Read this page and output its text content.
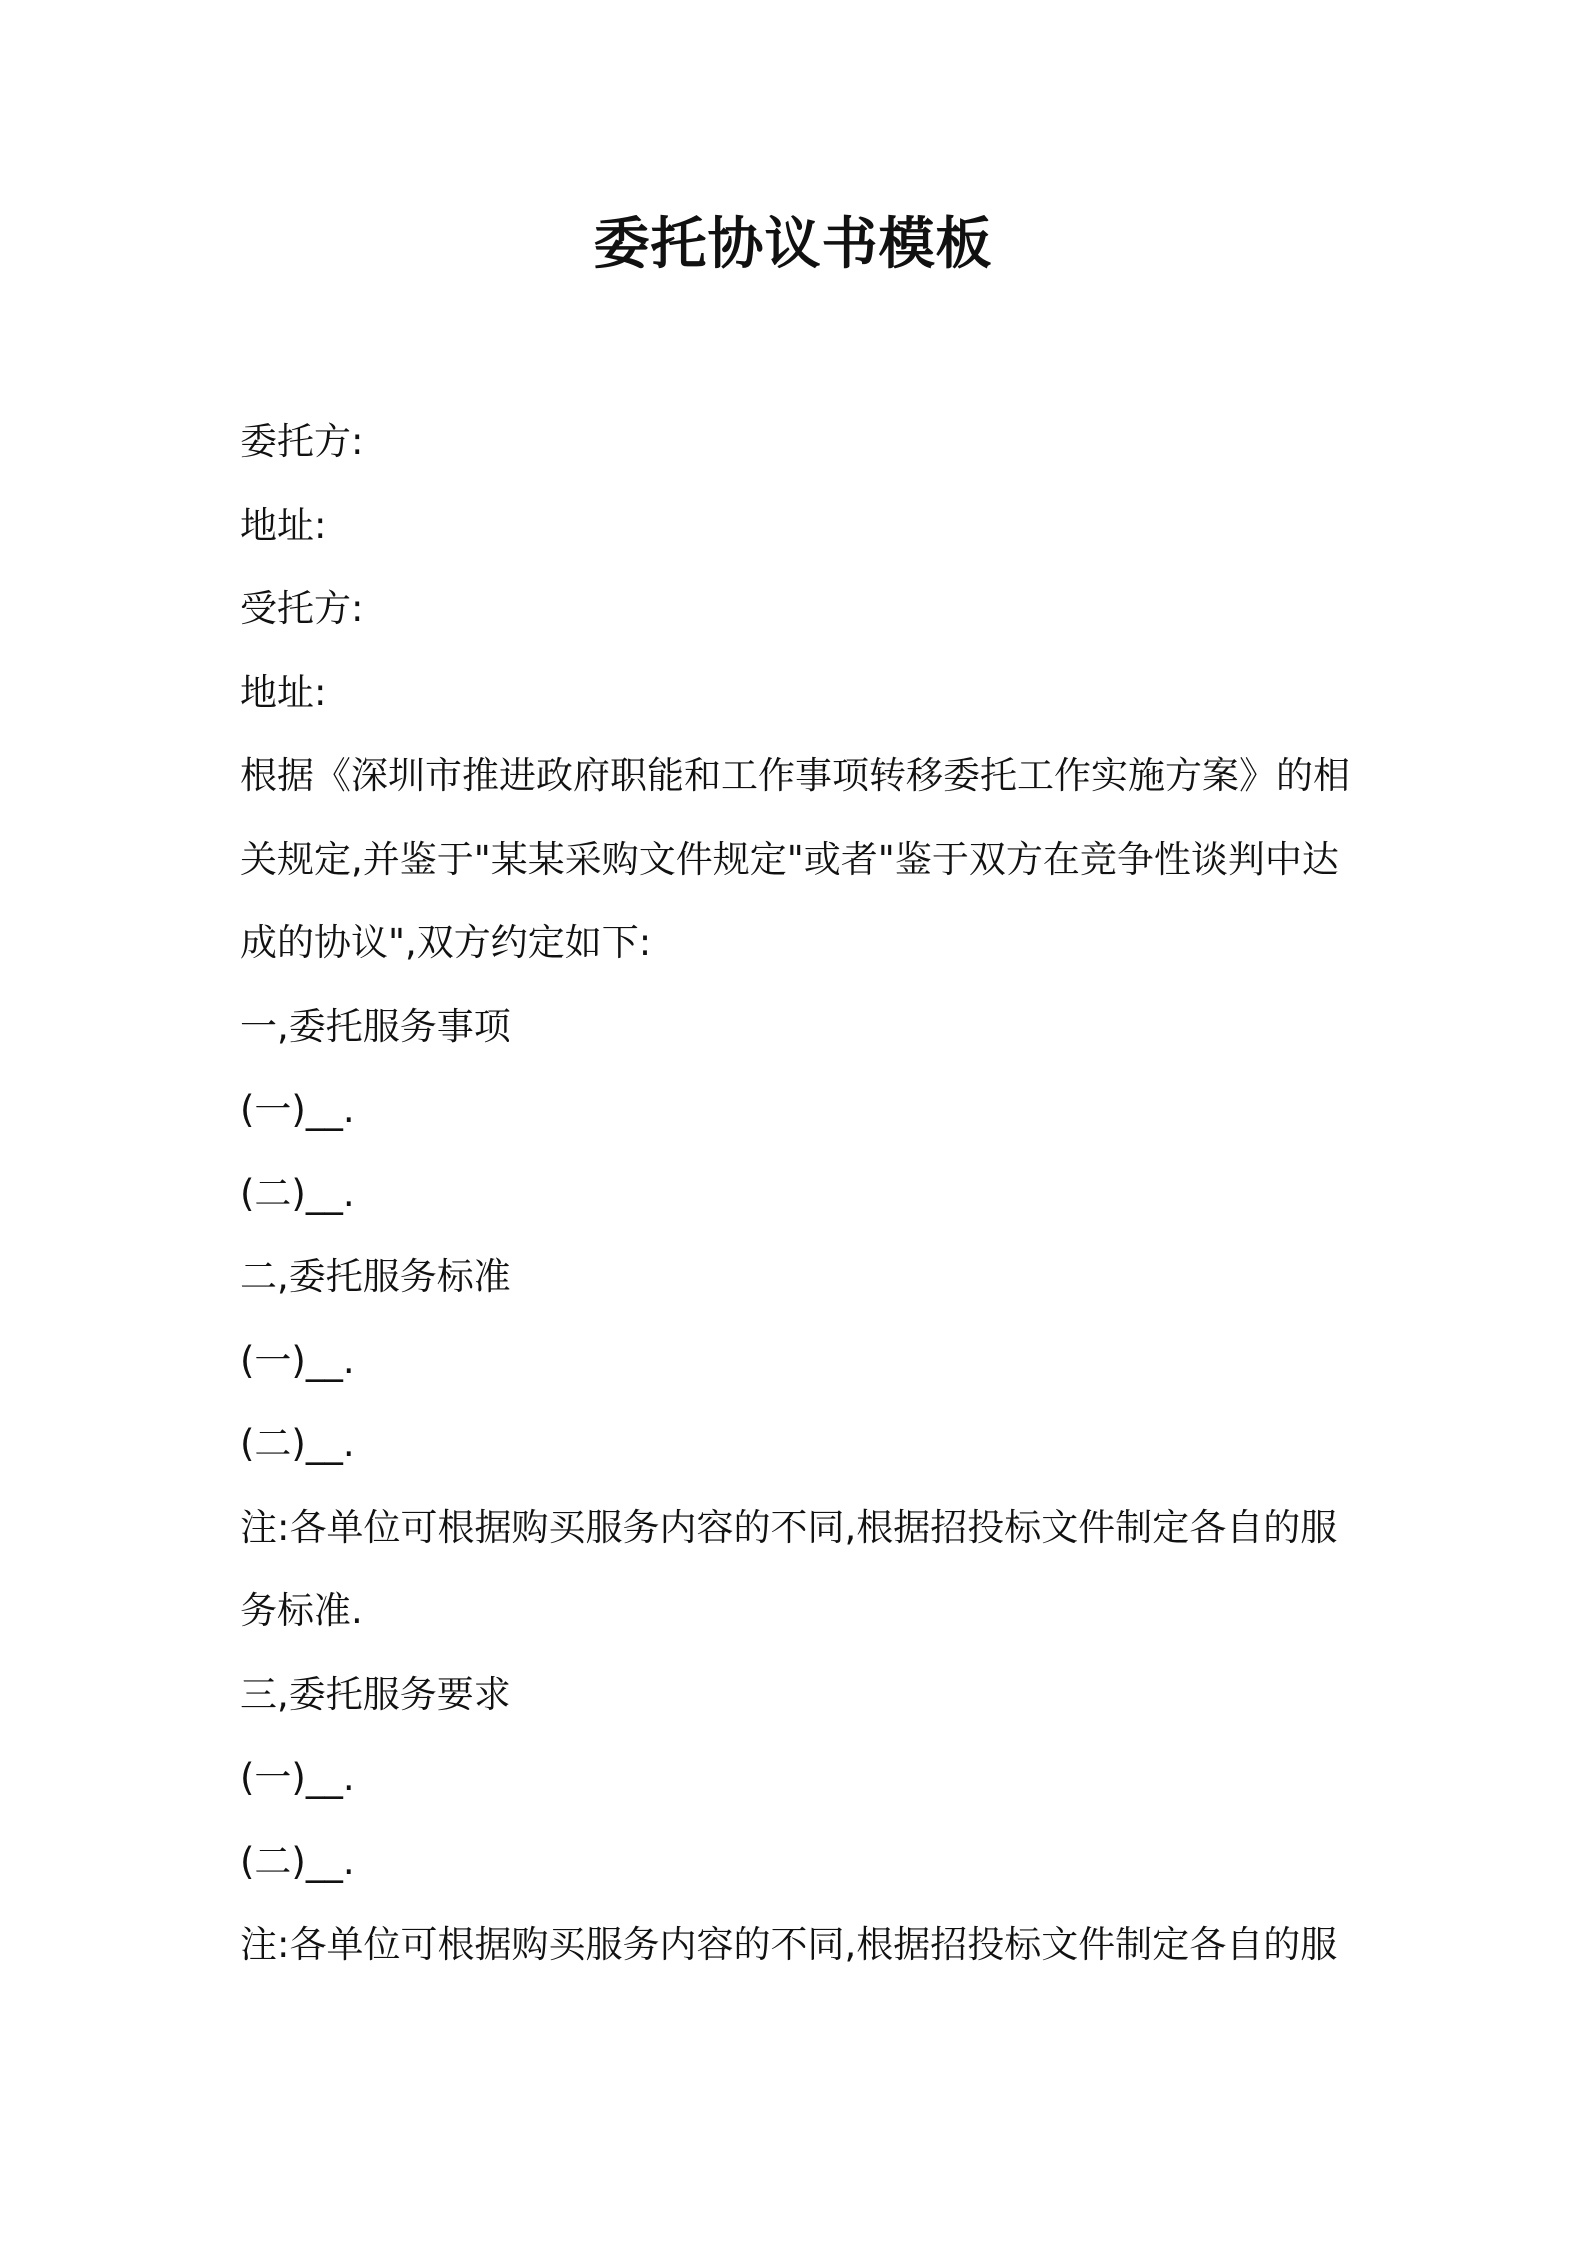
委托协议书模板

委托方:

地址:

受托方:

地址:

根据《深圳市推进政府职能和工作事项转移委托工作实施方案》的相关规定,并鉴于"某某采购文件规定"或者"鉴于双方在竞争性谈判中达成的协议",双方约定如下:

一,委托服务事项

(一)__.

(二)__.

二,委托服务标准

(一)__.

(二)__.

注:各单位可根据购买服务内容的不同,根据招投标文件制定各自的服务标准.

三,委托服务要求

(一)__.

(二)__.

注:各单位可根据购买服务内容的不同,根据招投标文件制定各自的服
